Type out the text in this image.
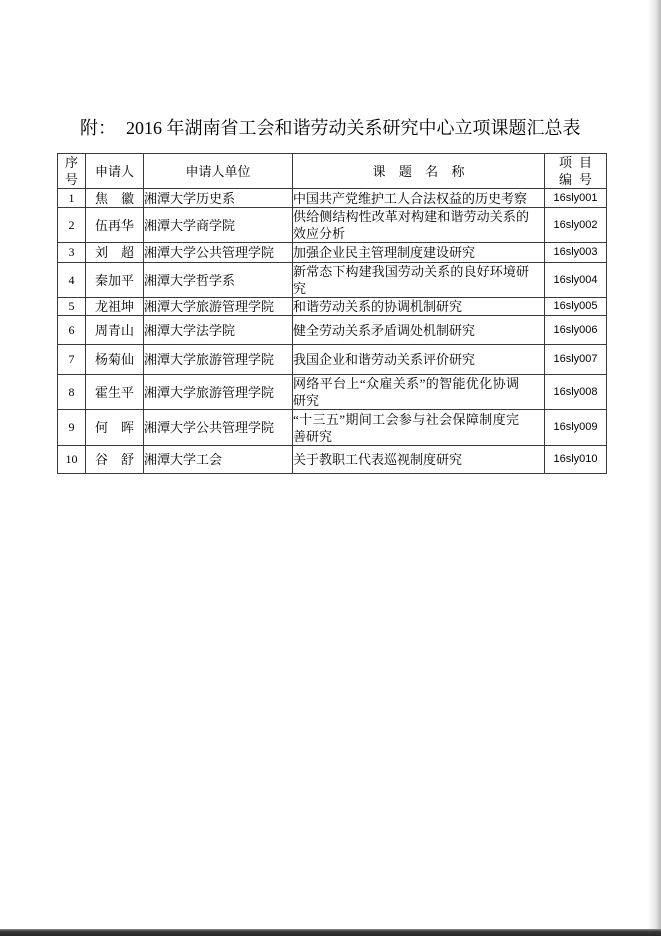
附： 2016 年湖南省工会和谐劳动关系研究中心立项课题汇总表
序
号	申请人	申请人单位	课 题 名 称	项 目
编 号

1	焦 徽	湘潭大学历史系	中国共产党维护工人合法权益的历史考察	16sly001
2	伍再华	湘潭大学商学院	供给侧结构性改革对构建和谐劳动关系的效应分析	16sly002
3	刘 超	湘潭大学公共管理学院	加强企业民主管理制度建设研究	16sly003
4	秦加平	湘潭大学哲学系	新常态下构建我国劳动关系的良好环境研究	16sly004
5	龙祖坤	湘潭大学旅游管理学院	和谐劳动关系的协调机制研究	16sly005
6	周青山	湘潭大学法学院	健全劳动关系矛盾调处机制研究	16sly006
7	杨菊仙	湘潭大学旅游管理学院	我国企业和谐劳动关系评价研究	16sly007
8	霍生平	湘潭大学旅游管理学院	网络平台上“众雇关系”的智能优化协调研究	16sly008
9	何 晖	湘潭大学公共管理学院	“十三五”期间工会参与社会保障制度完善研究	16sly009
10	谷 舒	湘潭大学工会	关于教职工代表巡视制度研究	16sly010
